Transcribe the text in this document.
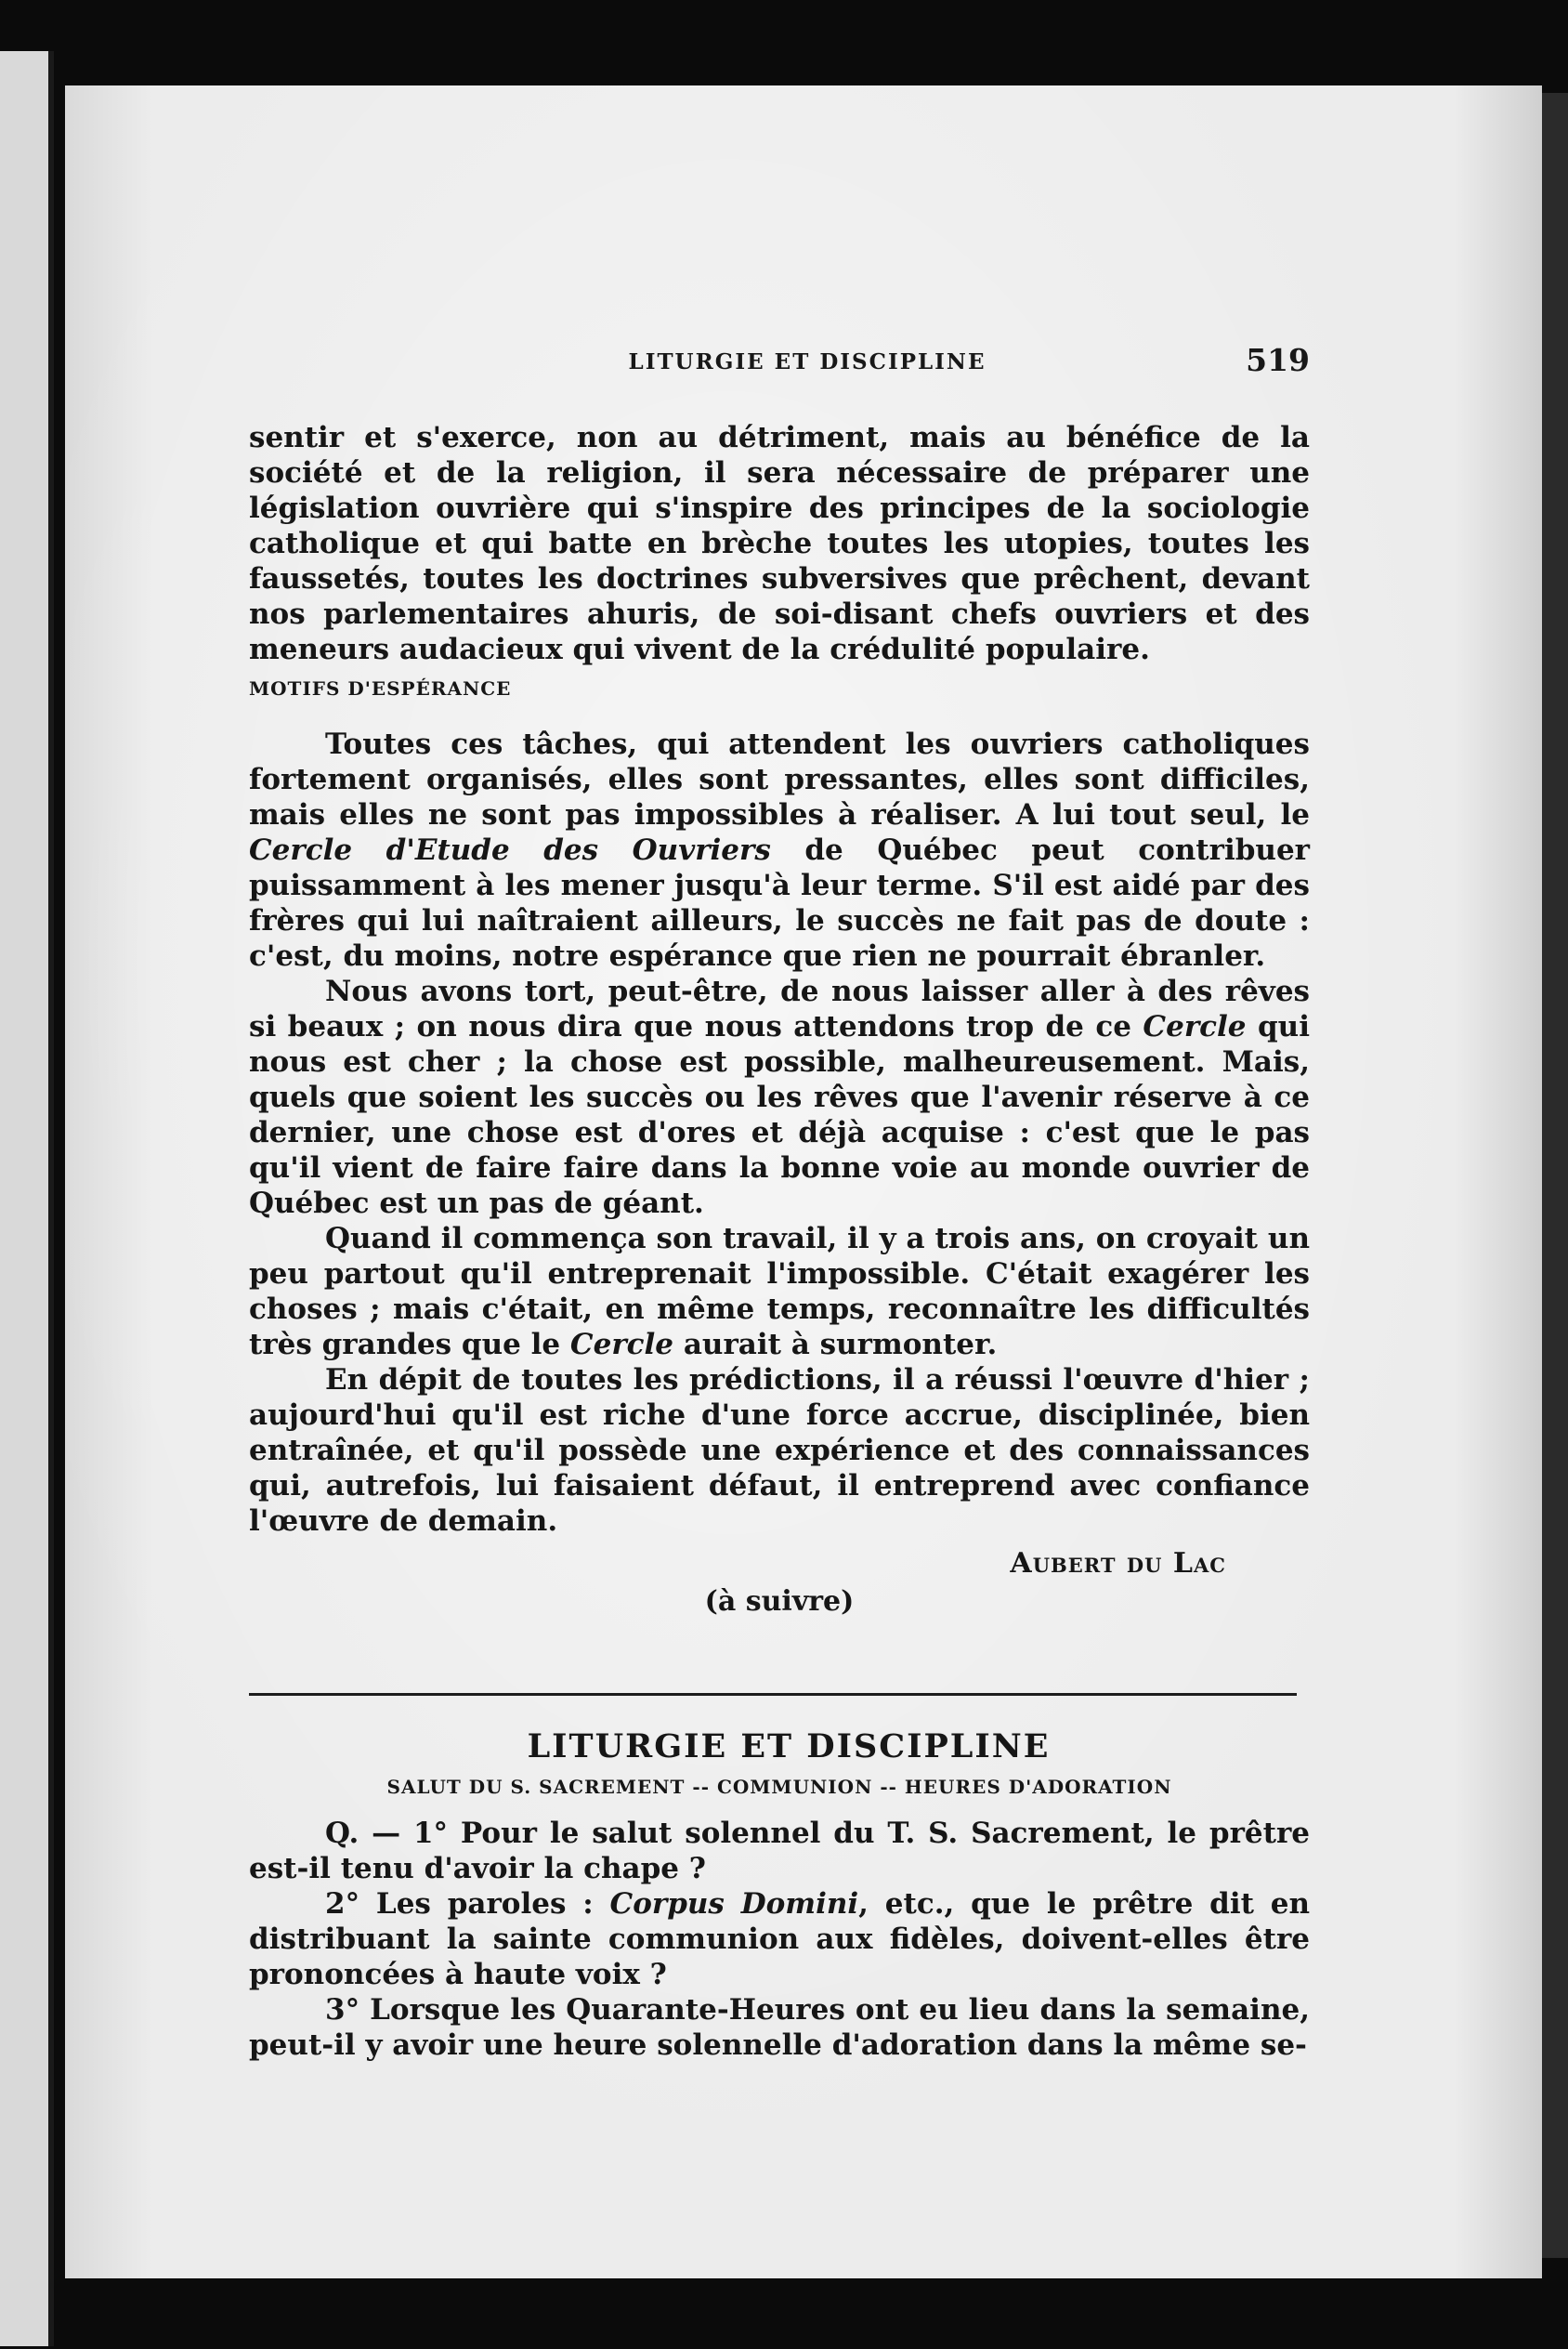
LITURGIE ET DISCIPLINE	519

sentir et s'exerce, non au détriment, mais au bénéfice de la société et de la religion, il sera nécessaire de préparer une législation ouvrière qui s'inspire des principes de la sociologie catholique et qui batte en brèche toutes les utopies, toutes les faussetés, toutes les doctrines subversives que prêchent, devant nos parlementaires ahuris, de soi-disant chefs ouvriers et des meneurs audacieux qui vivent de la crédulité populaire.

MOTIFS D'ESPÉRANCE

Toutes ces tâches, qui attendent les ouvriers catholiques fortement organisés, elles sont pressantes, elles sont difficiles, mais elles ne sont pas impossibles à réaliser. A lui tout seul, le Cercle d'Etude des Ouvriers de Québec peut contribuer puissamment à les mener jusqu'à leur terme. S'il est aidé par des frères qui lui naîtraient ailleurs, le succès ne fait pas de doute : c'est, du moins, notre espérance que rien ne pourrait ébranler.

Nous avons tort, peut-être, de nous laisser aller à des rêves si beaux ; on nous dira que nous attendons trop de ce Cercle qui nous est cher ; la chose est possible, malheureusement. Mais, quels que soient les succès ou les rêves que l'avenir réserve à ce dernier, une chose est d'ores et déjà acquise : c'est que le pas qu'il vient de faire faire dans la bonne voie au monde ouvrier de Québec est un pas de géant.

Quand il commença son travail, il y a trois ans, on croyait un peu partout qu'il entreprenait l'impossible. C'était exagérer les choses ; mais c'était, en même temps, reconnaître les difficultés très grandes que le Cercle aurait à surmonter.

En dépit de toutes les prédictions, il a réussi l'œuvre d'hier ; aujourd'hui qu'il est riche d'une force accrue, disciplinée, bien entraînée, et qu'il possède une expérience et des connaissances qui, autrefois, lui faisaient défaut, il entreprend avec confiance l'œuvre de demain.

Aubert du Lac

(à suivre)

LITURGIE ET DISCIPLINE
SALUT DU S. SACREMENT -- COMMUNION -- HEURES D'ADORATION

Q. — 1° Pour le salut solennel du T. S. Sacrement, le prêtre est-il tenu d'avoir la chape ?

2° Les paroles : Corpus Domini, etc., que le prêtre dit en distribuant la sainte communion aux fidèles, doivent-elles être prononcées à haute voix ?

3° Lorsque les Quarante-Heures ont eu lieu dans la semaine, peut-il y avoir une heure solennelle d'adoration dans la même se-
